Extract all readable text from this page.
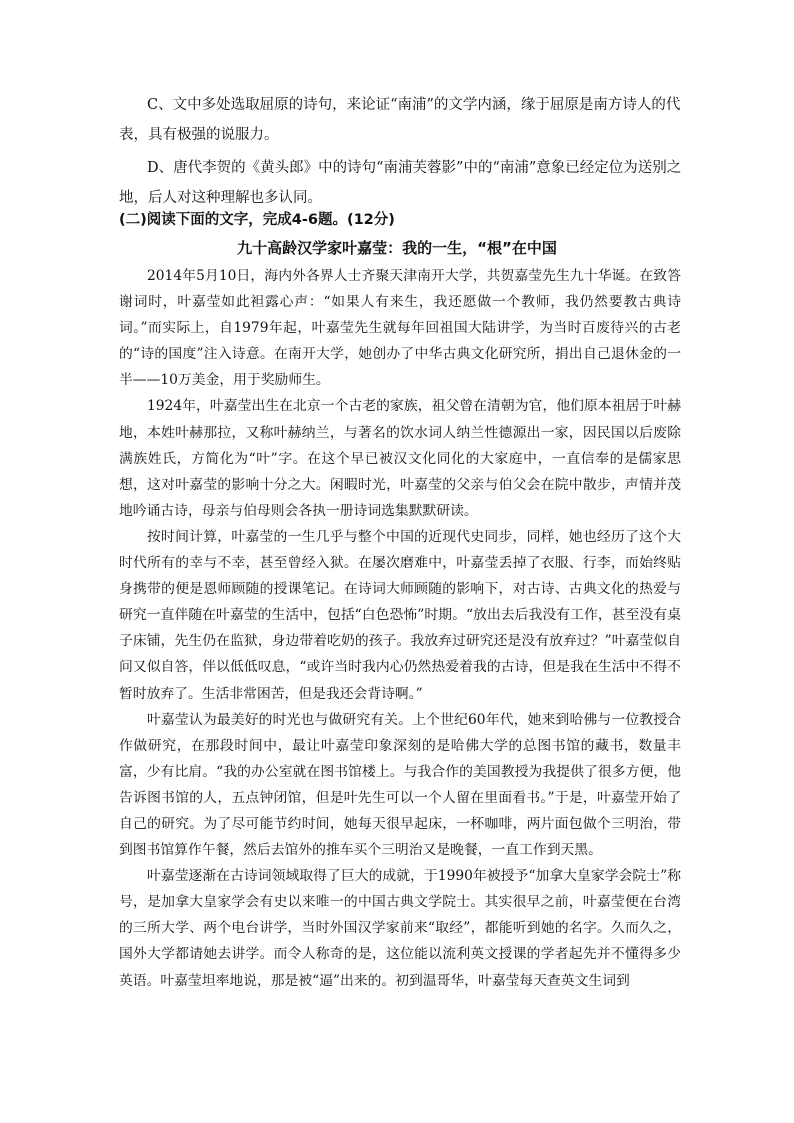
C、文中多处选取屈原的诗句，来论证“南浦”的文学内涵，缘于屈原是南方诗人的代表，具有极强的说服力。

D、唐代李贺的《黄头郎》中的诗句“南浦芙蓉影”中的“南浦”意象已经定位为送别之地，后人对这种理解也多认同。

(二)阅读下面的文字，完成4-6题。(12分)
九十高龄汉学家叶嘉莹：我的一生，“根”在中国

2014年5月10日，海内外各界人士齐聚天津南开大学，共贺嘉莹先生九十华诞。在致答谢词时，叶嘉莹如此袒露心声：“如果人有来生，我还愿做一个教师，我仍然要教古典诗词。”而实际上，自1979年起，叶嘉莹先生就每年回祖国大陆讲学，为当时百废待兴的古老的“诗的国度”注入诗意。在南开大学，她创办了中华古典文化研究所，捐出自己退休金的一半——10万美金，用于奖励师生。

1924年，叶嘉莹出生在北京一个古老的家族，祖父曾在清朝为官，他们原本祖居于叶赫地，本姓叶赫那拉，又称叶赫纳兰，与著名的饮水词人纳兰性德源出一家，因民国以后废除满族姓氏，方简化为“叶”字。在这个早已被汉文化同化的大家庭中，一直信奉的是儒家思想，这对叶嘉莹的影响十分之大。闲暇时光，叶嘉莹的父亲与伯父会在院中散步，声情并茂地吟诵古诗，母亲与伯母则会各执一册诗词选集默默研读。

按时间计算，叶嘉莹的一生几乎与整个中国的近现代史同步，同样，她也经历了这个大时代所有的幸与不幸，甚至曾经入狱。在屡次磨难中，叶嘉莹丢掉了衣服、行李，而始终贴身携带的便是恩师顾随的授课笔记。在诗词大师顾随的影响下，对古诗、古典文化的热爱与研究一直伴随在叶嘉莹的生活中，包括“白色恐怖”时期。“放出去后我没有工作，甚至没有桌子床铺，先生仍在监狱，身边带着吃奶的孩子。我放弃过研究还是没有放弃过？”叶嘉莹似自问又似自答，伴以低低叹息，“或许当时我内心仍然热爱着我的古诗，但是我在生活中不得不暂时放弃了。生活非常困苦，但是我还会背诗啊。”

叶嘉莹认为最美好的时光也与做研究有关。上个世纪60年代，她来到哈佛与一位教授合作做研究，在那段时间中，最让叶嘉莹印象深刻的是哈佛大学的总图书馆的藏书，数量丰富，少有比肩。“我的办公室就在图书馆楼上。与我合作的美国教授为我提供了很多方便，他告诉图书馆的人，五点钟闭馆，但是叶先生可以一个人留在里面看书。”于是，叶嘉莹开始了自己的研究。为了尽可能节约时间，她每天很早起床，一杯咖啡，两片面包做个三明治，带到图书馆算作午餐，然后去馆外的推车买个三明治又是晚餐，一直工作到天黑。

叶嘉莹逐渐在古诗词领域取得了巨大的成就，于1990年被授予“加拿大皇家学会院士”称号，是加拿大皇家学会有史以来唯一的中国古典文学院士。其实很早之前，叶嘉莹便在台湾的三所大学、两个电台讲学，当时外国汉学家前来“取经”，都能听到她的名字。久而久之，国外大学都请她去讲学。而令人称奇的是，这位能以流利英文授课的学者起先并不懂得多少英语。叶嘉莹坦率地说，那是被“逼”出来的。初到温哥华，叶嘉莹每天查英文生词到
